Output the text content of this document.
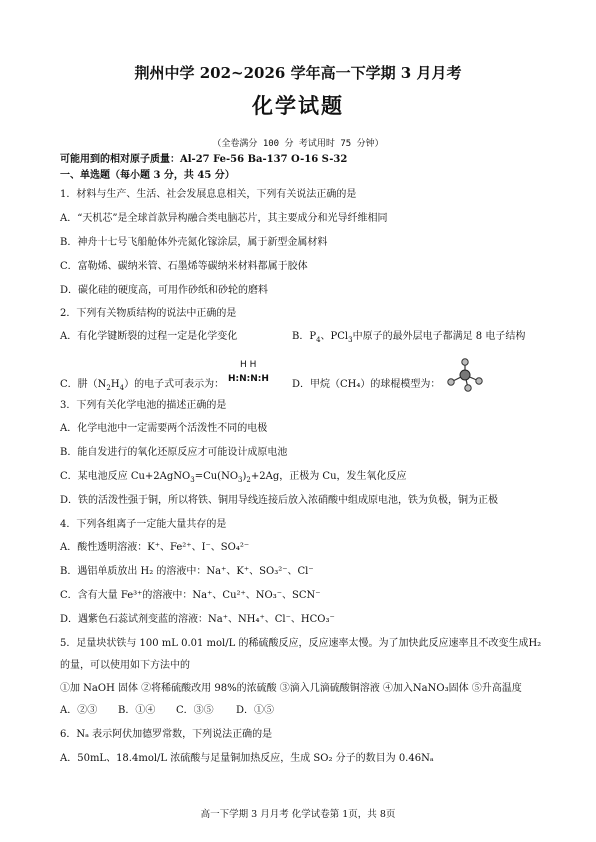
荆州中学 202~2026 学年高一下学期 3 月月考
化学试题
（全卷满分 100 分 考试用时 75 分钟）
可能用到的相对原子质量：Al-27 Fe-56 Ba-137 O-16 S-32
一、单选题（每小题 3 分，共 45 分）
1．材料与生产、生活、社会发展息息相关，下列有关说法正确的是
A．“天机芯”是全球首款异构融合类电脑芯片，其主要成分和光导纤维相同
B．神舟十七号飞船舱体外壳氮化镓涂层，属于新型金属材料
C．富勒烯、碳纳米管、石墨烯等碳纳米材料都属于胶体
D．碳化硅的硬度高，可用作砂纸和砂轮的磨料
2．下列有关物质结构的说法中正确的是
A．有化学键断裂的过程一定是化学变化	B．$P_4$、PCl$_3$中原子的最外层电子都满足 8 电子结构
C．肼$(N_2H_4)$的电子式可表示为：
H H
H:N:N:H D．甲烷（CH₄）的球棍模型为：
3．下列有关化学电池的描述正确的是
A．化学电池中一定需要两个活泼性不同的电极
B．能自发进行的氧化还原反应才可能设计成原电池
C．某电池反应 $Cu+2AgNO_3=Cu(NO_3)_2+2Ag$，正极为 Cu，发生氧化反应
D．铁的活泼性强于铜，所以将铁、铜用导线连接后放入浓硝酸中组成原电池，铁为负极，铜为正极
4．下列各组离子一定能大量共存的是
A．酸性透明溶液：K⁺、Fe²⁺、I⁻、SO₄²⁻
B．遇铝单质放出 H₂ 的溶液中：Na⁺、K⁺、SO₃²⁻、Cl⁻
C．含有大量 Fe³⁺的溶液中：Na⁺、Cu²⁺、NO₃⁻、SCN⁻
D．遇紫色石蕊试剂变蓝的溶液：Na⁺、NH₄⁺、Cl⁻、HCO₃⁻
5．足量块状铁与 100 mL 0.01 mol/L 的稀硫酸反应，反应速率太慢。为了加快此反应速率且不改变生成H₂
的量，可以使用如下方法中的
①加 NaOH 固体 ②将稀硫酸改用 98%的浓硫酸 ③滴入几滴硫酸铜溶液 ④加入NaNO₃固体 ⑤升高温度
A．②③ B．①④ C．③⑤ D．①⑤
6．Nₐ 表示阿伏加德罗常数，下列说法正确的是
A．50mL、18.4mol/L 浓硫酸与足量铜加热反应，生成 SO₂ 分子的数目为 0.46Nₐ
高一下学期 3 月月考 化学试卷第 1页，共 8页
